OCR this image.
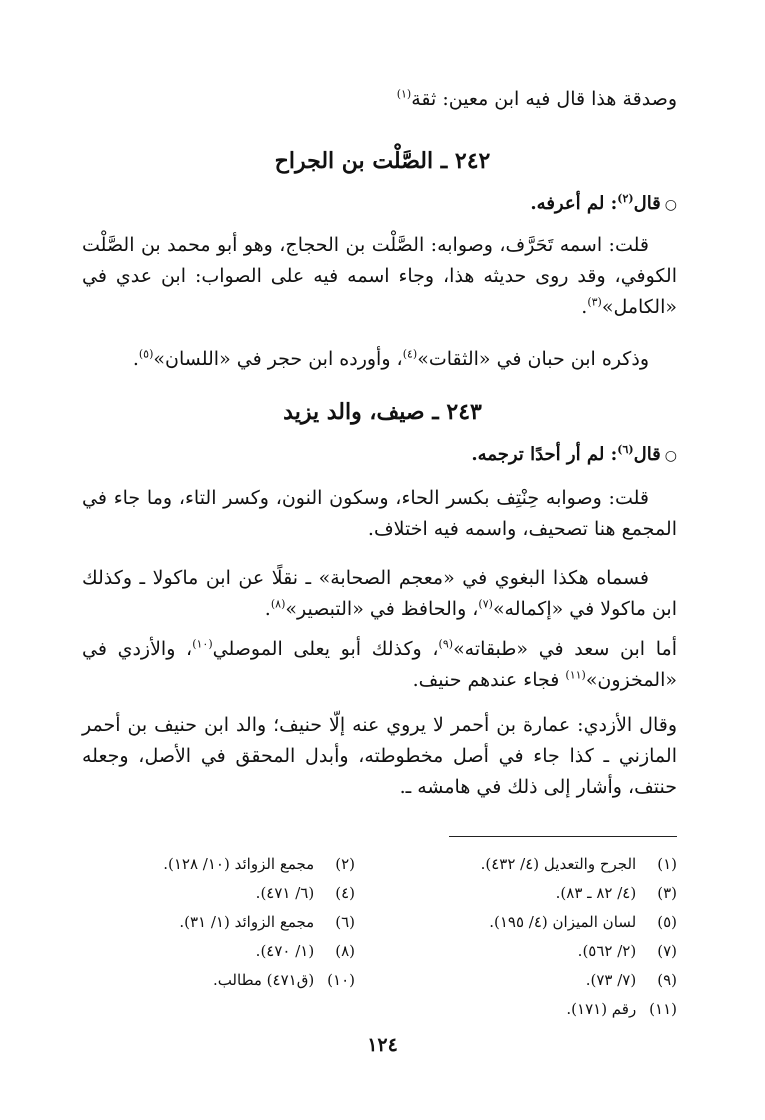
وصدقة هذا قال فيه ابن معين: ثقة$^{(١)}$

٢٤٢ ـ الصَّلْت بن الجراح

○قال$^{(٢)}$: لم أعرفه.

قلت: اسمه تَحَرَّف، وصوابه: الصَّلْت بن الحجاج، وهو أبو محمد بن الصَّلْت الكوفي، وقد روى حديثه هذا، وجاء اسمه فيه على الصواب: ابن عدي في «الكامل»$^{(٣)}$.

وذكره ابن حبان في «الثقات»$^{(٤)}$، وأورده ابن حجر في «اللسان»$^{(٥)}$.

٢٤٣ ـ صيف، والد يزيد

○قال$^{(٦)}$: لم أر أحدًا ترجمه.

قلت: وصوابه حِنْتِف بكسر الحاء، وسكون النون، وكسر التاء، وما جاء في المجمع هنا تصحيف، واسمه فيه اختلاف.

فسماه هكذا البغوي في «معجم الصحابة» ـ نقلًا عن ابن ماكولا ـ وكذلك ابن ماكولا في «إكماله»$^{(٧)}$، والحافظ في «التبصير»$^{(٨)}$.

أما ابن سعد في «طبقاته»$^{(٩)}$، وكذلك أبو يعلى الموصلي$^{(١٠)}$، والأزدي في «المخزون»$^{(١١)}$ فجاء عندهم حنيف.

وقال الأزدي: عمارة بن أحمر لا يروي عنه إلّا حنيف؛ والد ابن حنيف بن أحمر المازني ـ كذا جاء في أصل مخطوطته، وأبدل المحقق في الأصل، وجعله حنتف، وأشار إلى ذلك في هامشه ـ.

(١) الجرح والتعديل (٤/ ٤٣٢).
(٣) (٤/ ٨٢ ـ ٨٣).
(٥) لسان الميزان (٤/ ١٩٥).
(٧) (٢/ ٥٦٢).
(٩) (٧/ ٧٣).
(١١) رقم (١٧١).
(٢) مجمع الزوائد (١٠/ ١٢٨).
(٤) (٦/ ٤٧١).
(٦) مجمع الزوائد (١/ ٣١).
(٨) (١/ ٤٧٠).
(١٠) (ق٤٧١) مطالب.
١٢٤
